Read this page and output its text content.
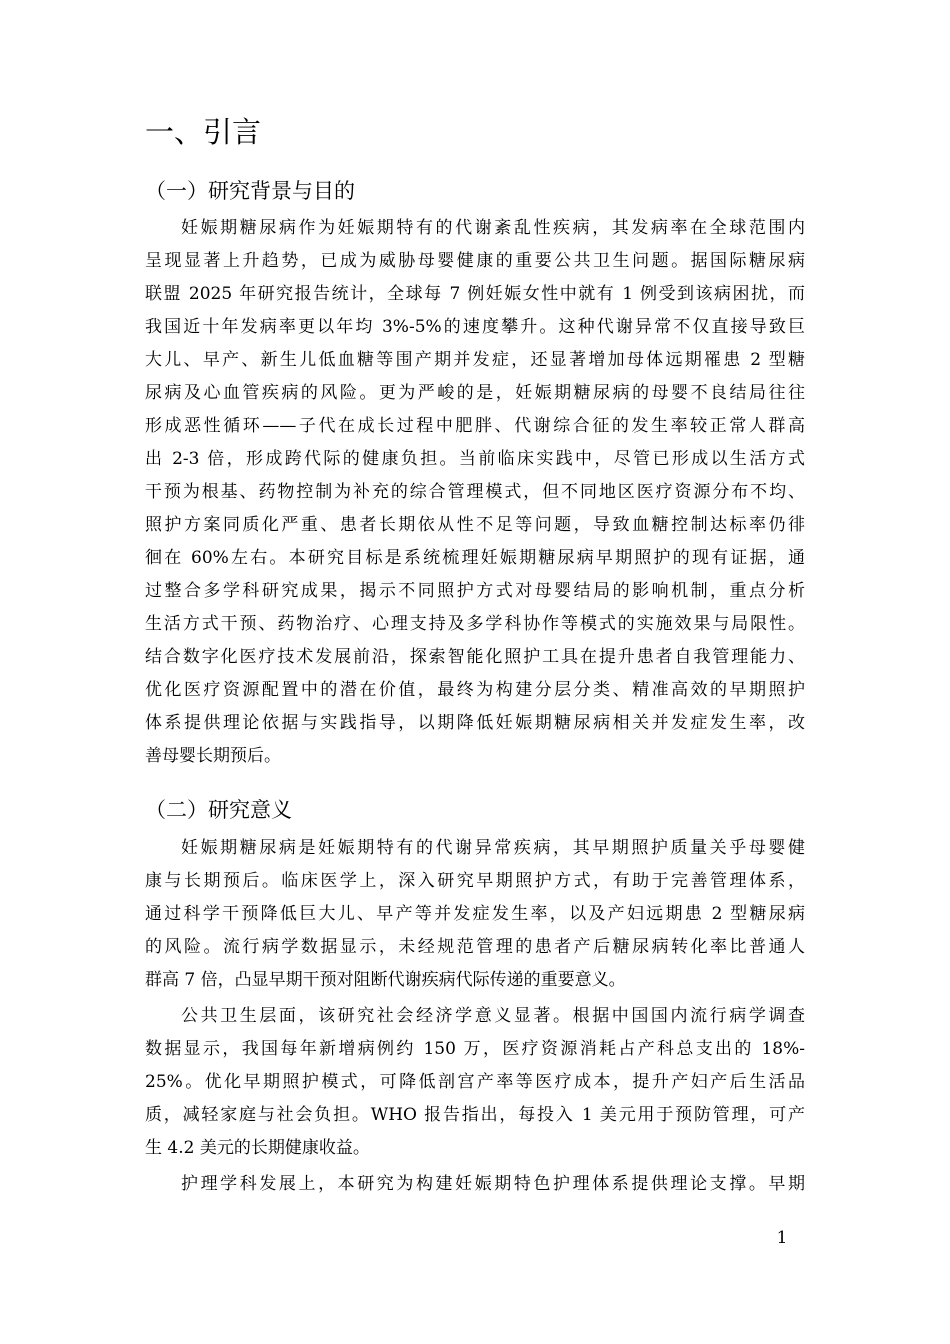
一、引言
（一）研究背景与目的
妊娠期糖尿病作为妊娠期特有的代谢紊乱性疾病，其发病率在全球范围内
呈现显著上升趋势，已成为威胁母婴健康的重要公共卫生问题。据国际糖尿病
联盟 2025 年研究报告统计，全球每 7 例妊娠女性中就有 1 例受到该病困扰，而
我国近十年发病率更以年均 3%-5%的速度攀升。这种代谢异常不仅直接导致巨
大儿、早产、新生儿低血糖等围产期并发症，还显著增加母体远期罹患 2 型糖
尿病及心血管疾病的风险。更为严峻的是，妊娠期糖尿病的母婴不良结局往往
形成恶性循环——子代在成长过程中肥胖、代谢综合征的发生率较正常人群高
出 2-3 倍，形成跨代际的健康负担。当前临床实践中，尽管已形成以生活方式
干预为根基、药物控制为补充的综合管理模式，但不同地区医疗资源分布不均、
照护方案同质化严重、患者长期依从性不足等问题，导致血糖控制达标率仍徘
徊在 60%左右。本研究目标是系统梳理妊娠期糖尿病早期照护的现有证据，通
过整合多学科研究成果，揭示不同照护方式对母婴结局的影响机制，重点分析
生活方式干预、药物治疗、心理支持及多学科协作等模式的实施效果与局限性。
结合数字化医疗技术发展前沿，探索智能化照护工具在提升患者自我管理能力、
优化医疗资源配置中的潜在价值，最终为构建分层分类、精准高效的早期照护
体系提供理论依据与实践指导，以期降低妊娠期糖尿病相关并发症发生率，改
善母婴长期预后。
（二）研究意义
妊娠期糖尿病是妊娠期特有的代谢异常疾病，其早期照护质量关乎母婴健
康与长期预后。临床医学上，深入研究早期照护方式，有助于完善管理体系，
通过科学干预降低巨大儿、早产等并发症发生率，以及产妇远期患 2 型糖尿病
的风险。流行病学数据显示，未经规范管理的患者产后糖尿病转化率比普通人
群高 7 倍，凸显早期干预对阻断代谢疾病代际传递的重要意义。
公共卫生层面，该研究社会经济学意义显著。根据中国国内流行病学调查
数据显示，我国每年新增病例约 150 万，医疗资源消耗占产科总支出的 18%-
25%。优化早期照护模式，可降低剖宫产率等医疗成本，提升产妇产后生活品
质，减轻家庭与社会负担。WHO 报告指出，每投入 1 美元用于预防管理，可产
生 4.2 美元的长期健康收益。
护理学科发展上，本研究为构建妊娠期特色护理体系提供理论支撑。早期
1
